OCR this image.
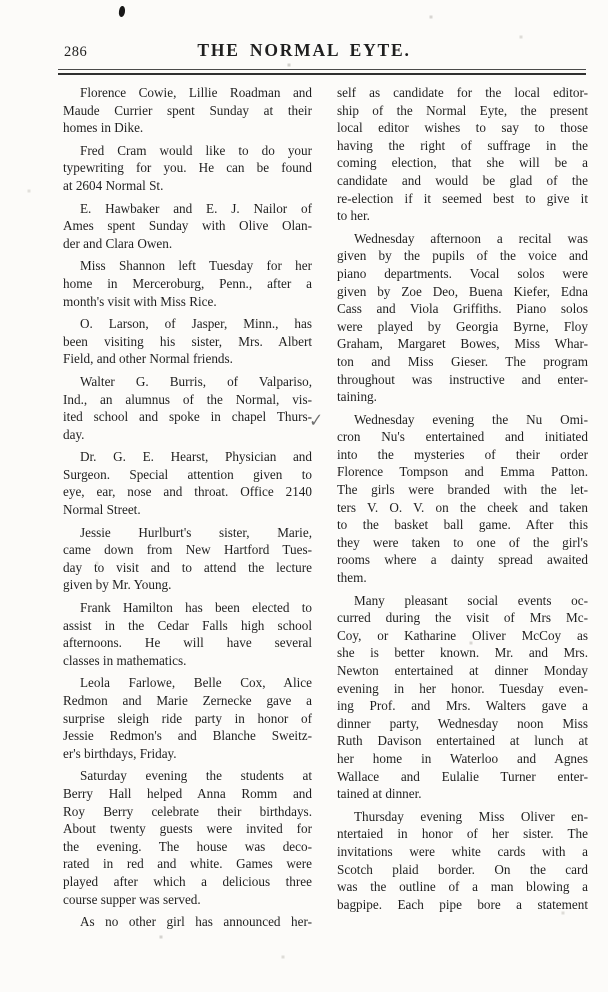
286	THE NORMAL EYTE.

Florence Cowie, Lillie Roadman and
Maude Currier spent Sunday at their
homes in Dike.

Fred Cram would like to do your
typewriting for you. He can be found
at 2604 Normal St.

E. Hawbaker and E. J. Nailor of
Ames spent Sunday with Olive Olan-
der and Clara Owen.

Miss Shannon left Tuesday for her
home in Merceroburg, Penn., after a
month's visit with Miss Rice.

O. Larson, of Jasper, Minn., has
been visiting his sister, Mrs. Albert
Field, and other Normal friends.

Walter G. Burris, of Valpariso,
Ind., an alumnus of the Normal, vis-
ited school and spoke in chapel Thurs-
day.

Dr. G. E. Hearst, Physician and
Surgeon. Special attention given to
eye, ear, nose and throat. Office 2140
Normal Street.

Jessie Hurlburt's sister, Marie,
came down from New Hartford Tues-
day to visit and to attend the lecture
given by Mr. Young.

Frank Hamilton has been elected to
assist in the Cedar Falls high school
afternoons. He will have several
classes in mathematics.

Leola Farlowe, Belle Cox, Alice
Redmon and Marie Zernecke gave a
surprise sleigh ride party in honor of
Jessie Redmon's and Blanche Sweitz-
er's birthdays, Friday.

Saturday evening the students at
Berry Hall helped Anna Romm and
Roy Berry celebrate their birthdays.
About twenty guests were invited for
the evening. The house was deco-
rated in red and white. Games were
played after which a delicious three
course supper was served.

As no other girl has announced her-

self as candidate for the local editor-
ship of the Normal Eyte, the present
local editor wishes to say to those
having the right of suffrage in the
coming election, that she will be a
candidate and would be glad of the
re-election if it seemed best to give it
to her.

Wednesday afternoon a recital was
given by the pupils of the voice and
piano departments. Vocal solos were
given by Zoe Deo, Buena Kiefer, Edna
Cass and Viola Griffiths. Piano solos
were played by Georgia Byrne, Floy
Graham, Margaret Bowes, Miss Whar-
ton and Miss Gieser. The program
throughout was instructive and enter-
taining.

Wednesday evening the Nu Omi-
cron Nu's entertained and initiated
into the mysteries of their order
Florence Tompson and Emma Patton.
The girls were branded with the let-
ters V. O. V. on the cheek and taken
to the basket ball game. After this
they were taken to one of the girl's
rooms where a dainty spread awaited
them.

Many pleasant social events oc-
curred during the visit of Mrs Mc-
Coy, or Katharine Oliver McCoy as
she is better known. Mr. and Mrs.
Newton entertained at dinner Monday
evening in her honor. Tuesday even-
ing Prof. and Mrs. Walters gave a
dinner party, Wednesday noon Miss
Ruth Davison entertained at lunch at
her home in Waterloo and Agnes
Wallace and Eulalie Turner enter-
tained at dinner.

Thursday evening Miss Oliver en-
ntertaied in honor of her sister. The
invitations were white cards with a
Scotch plaid border. On the card
was the outline of a man blowing a
bagpipe. Each pipe bore a statement

✓
